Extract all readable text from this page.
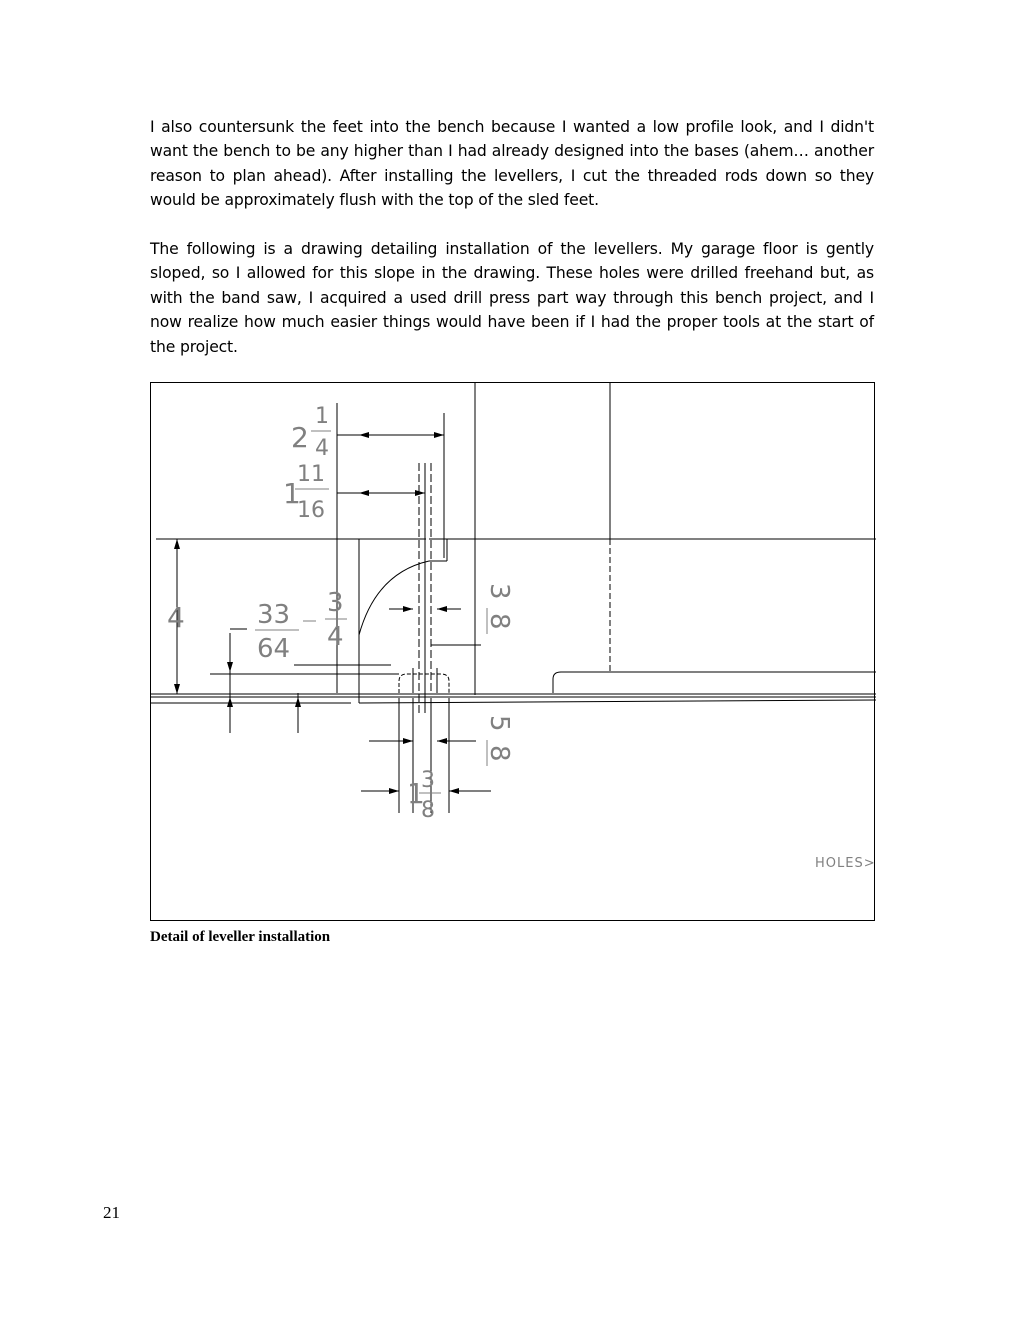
I also countersunk the feet into the bench because I wanted a low profile look, and I didn't want the bench to be any higher than I had already designed into the bases (ahem… another reason to plan ahead). After installing the levellers, I cut the threaded rods down so they would be approximately flush with the top of the sled feet.

The following is a drawing detailing installation of the levellers. My garage floor is gently sloped, so I allowed for this slope in the drawing. These holes were drilled freehand but, as with the band saw, I acquired a used drill press part way through this bench project, and I now realize how much easier things would have been if I had the proper tools at the start of the project.

2
1
4
1
11
16
4	33
64
3
4
3
8
5
8
1
3
8
HOLES>
Detail of leveller installation
21
